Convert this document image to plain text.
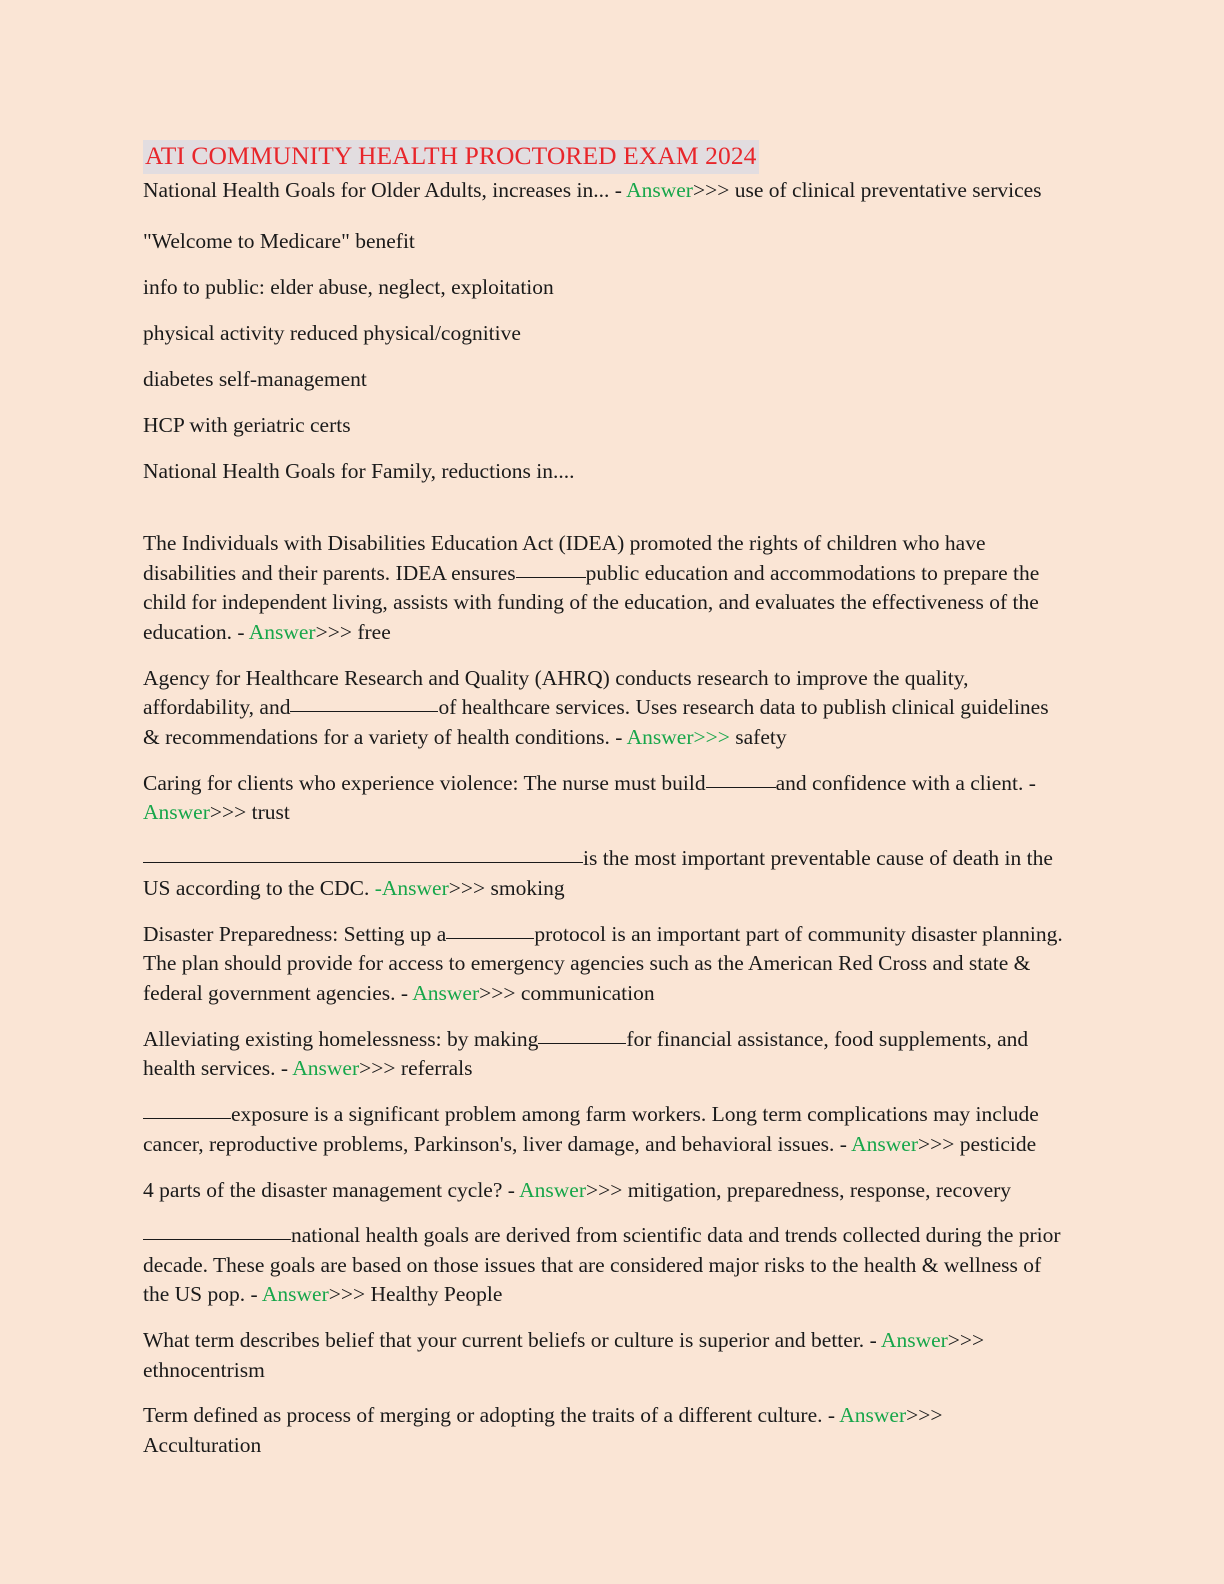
ATI COMMUNITY HEALTH PROCTORED EXAM 2024

National Health Goals for Older Adults, increases in... - Answer>>> use of clinical preventative services

"Welcome to Medicare" benefit

info to public: elder abuse, neglect, exploitation

physical activity reduced physical/cognitive

diabetes self-management

HCP with geriatric certs

National Health Goals for Family, reductions in....

The Individuals with Disabilities Education Act (IDEA) promoted the rights of children who have disabilities and their parents. IDEA ensures	public education and accommodations to prepare the child for independent living, assists with funding of the education, and evaluates the effectiveness of the education. - Answer>>> free

Agency for Healthcare Research and Quality (AHRQ) conducts research to improve the quality, affordability, and	of healthcare services. Uses research data to publish clinical guidelines & recommendations for a variety of health conditions. - Answer>>> safety

Caring for clients who experience violence: The nurse must build	and confidence with a client. - Answer>>> trust

is the most important preventable cause of death in the US according to the CDC. -Answer>>> smoking

Disaster Preparedness: Setting up a	protocol is an important part of community disaster planning. The plan should provide for access to emergency agencies such as the American Red Cross and state & federal government agencies. - Answer>>> communication

Alleviating existing homelessness: by making	for financial assistance, food supplements, and health services. - Answer>>> referrals

exposure is a significant problem among farm workers. Long term complications may include cancer, reproductive problems, Parkinson's, liver damage, and behavioral issues. - Answer>>> pesticide

4 parts of the disaster management cycle? - Answer>>> mitigation, preparedness, response, recovery

national health goals are derived from scientific data and trends collected during the prior decade. These goals are based on those issues that are considered major risks to the health & wellness of the US pop. - Answer>>> Healthy People

What term describes belief that your current beliefs or culture is superior and better. - Answer>>> ethnocentrism

Term defined as process of merging or adopting the traits of a different culture. - Answer>>> Acculturation
